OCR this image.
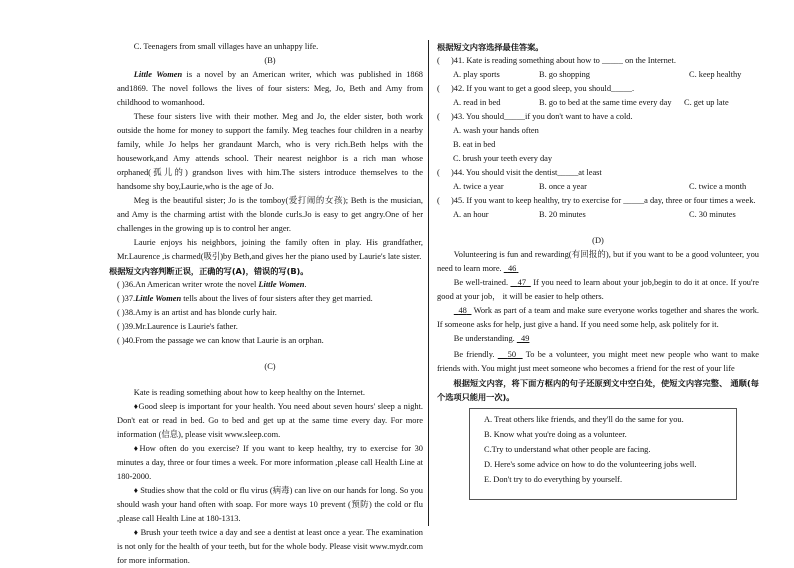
C. Teenagers from small villages have an unhappy life.

(B)

Little Women is a novel by an American writer, which was published in 1868 and1869. The novel follows the lives of four sisters: Meg, Jo, Beth and Amy from childhood to womanhood.

These four sisters live with their mother. Meg and Jo, the elder sister, both work outside the home for money to support the family. Meg teaches four children in a nearby family, while Jo helps her grandaunt March, who is very rich.Beth helps with the housework,and Amy attends school. Their nearest neighbor is a rich man whose orphaned(孤儿的) grandson lives with him.The sisters introduce themselves to the handsome shy boy,Laurie,who is the age of Jo.

Meg is the beautiful sister; Jo is the tomboy(爱打闹的女孩); Beth is the musician, and Amy is the charming artist with the blonde curls.Jo is easy to get angry.One of her challenges in the growing up is to control her anger.

Laurie enjoys his neighbors, joining the family often in play. His grandfather, Mr.Laurence ,is charmed(吸引)by Beth,and gives her the piano used by Laurie's late sister.

根据短文内容判断正误，正确的写(A)，错误的写(B)。

( )36.An American writer wrote the novel Little Women.

( )37.Little Women tells about the lives of four sisters after they get married.

( )38.Amy is an artist and has blonde curly hair.

( )39.Mr.Laurence is Laurie's father.

( )40.From the passage we can know that Laurie is an orphan.

(C)

Kate is reading something about how to keep healthy on the Internet.

♦Good sleep is important for your health. You need about seven hours' sleep a night. Don't eat or read in bed. Go to bed and get up at the same time every day. For more information (信息), please visit www.sleep.com.

♦How often do you exercise? If you want to keep healthy, try to exercise for 30 minutes a day, three or four times a week. For more information ,please call Health Line at 180-2000.

♦ Studies show that the cold or flu virus (病毒) can live on our hands for long. So you should wash your hand often with soap. For more ways 10 prevent (预防) the cold or flu ,please call Health Line at 180-1313.

♦ Brush your teeth twice a day and see a dentist at least once a year. The examination is not only for the health of your teeth, but for the whole body. Please visit www.mydr.com for more information.

根据短文内容选择最佳答案。

(	)41. Kate is reading something about how to _____ on the Internet.
A. play sports	B. go shopping	C. keep healthy
(	)42. If you want to get a good sleep, you should_____.
A. read in bed	B. go to bed at the same time every day	C. get up late
(	)43. You should_____if you don't want to have a cold.
A. wash your hands often
B. eat in bed
C. brush your teeth every day
(	)44. You should visit the dentist_____at least
A. twice a year	B. once a year	C. twice a month
(	)45. If you want to keep healthy, try to exercise for _____a day, three or four times a week.
A. an hour	B. 20 minutes	C. 30 minutes

(D)

Volunteering is fun and rewarding(有回报的), but if you want to be a good volunteer, you need to learn more.   46

Be well-trained.    47   If you need to learn about your job,begin to do it at once. If you're good at your job， it will be easier to help others.

48   Work as part of a team and make sure everyone works together and shares the work. If someone asks for help, just give a hand. If you need some help, ask politely for it.

Be understanding.   49

Be friendly.    50   To be a volunteer, you might meet new people who want to make friends with. You might just meet someone who becomes a friend for the rest of your life

根据短文内容，将下面方框内的句子还原到文中空白处，使短文内容完整、 通顺(每个选项只能用一次)。

A. Treat others like friends, and they'll do the same for you.
B. Know what you're doing as a volunteer.
C.Try to understand what other people are facing.
D. Here's some advice on how to do the volunteering jobs well.
E. Don't try to do everything by yourself.
